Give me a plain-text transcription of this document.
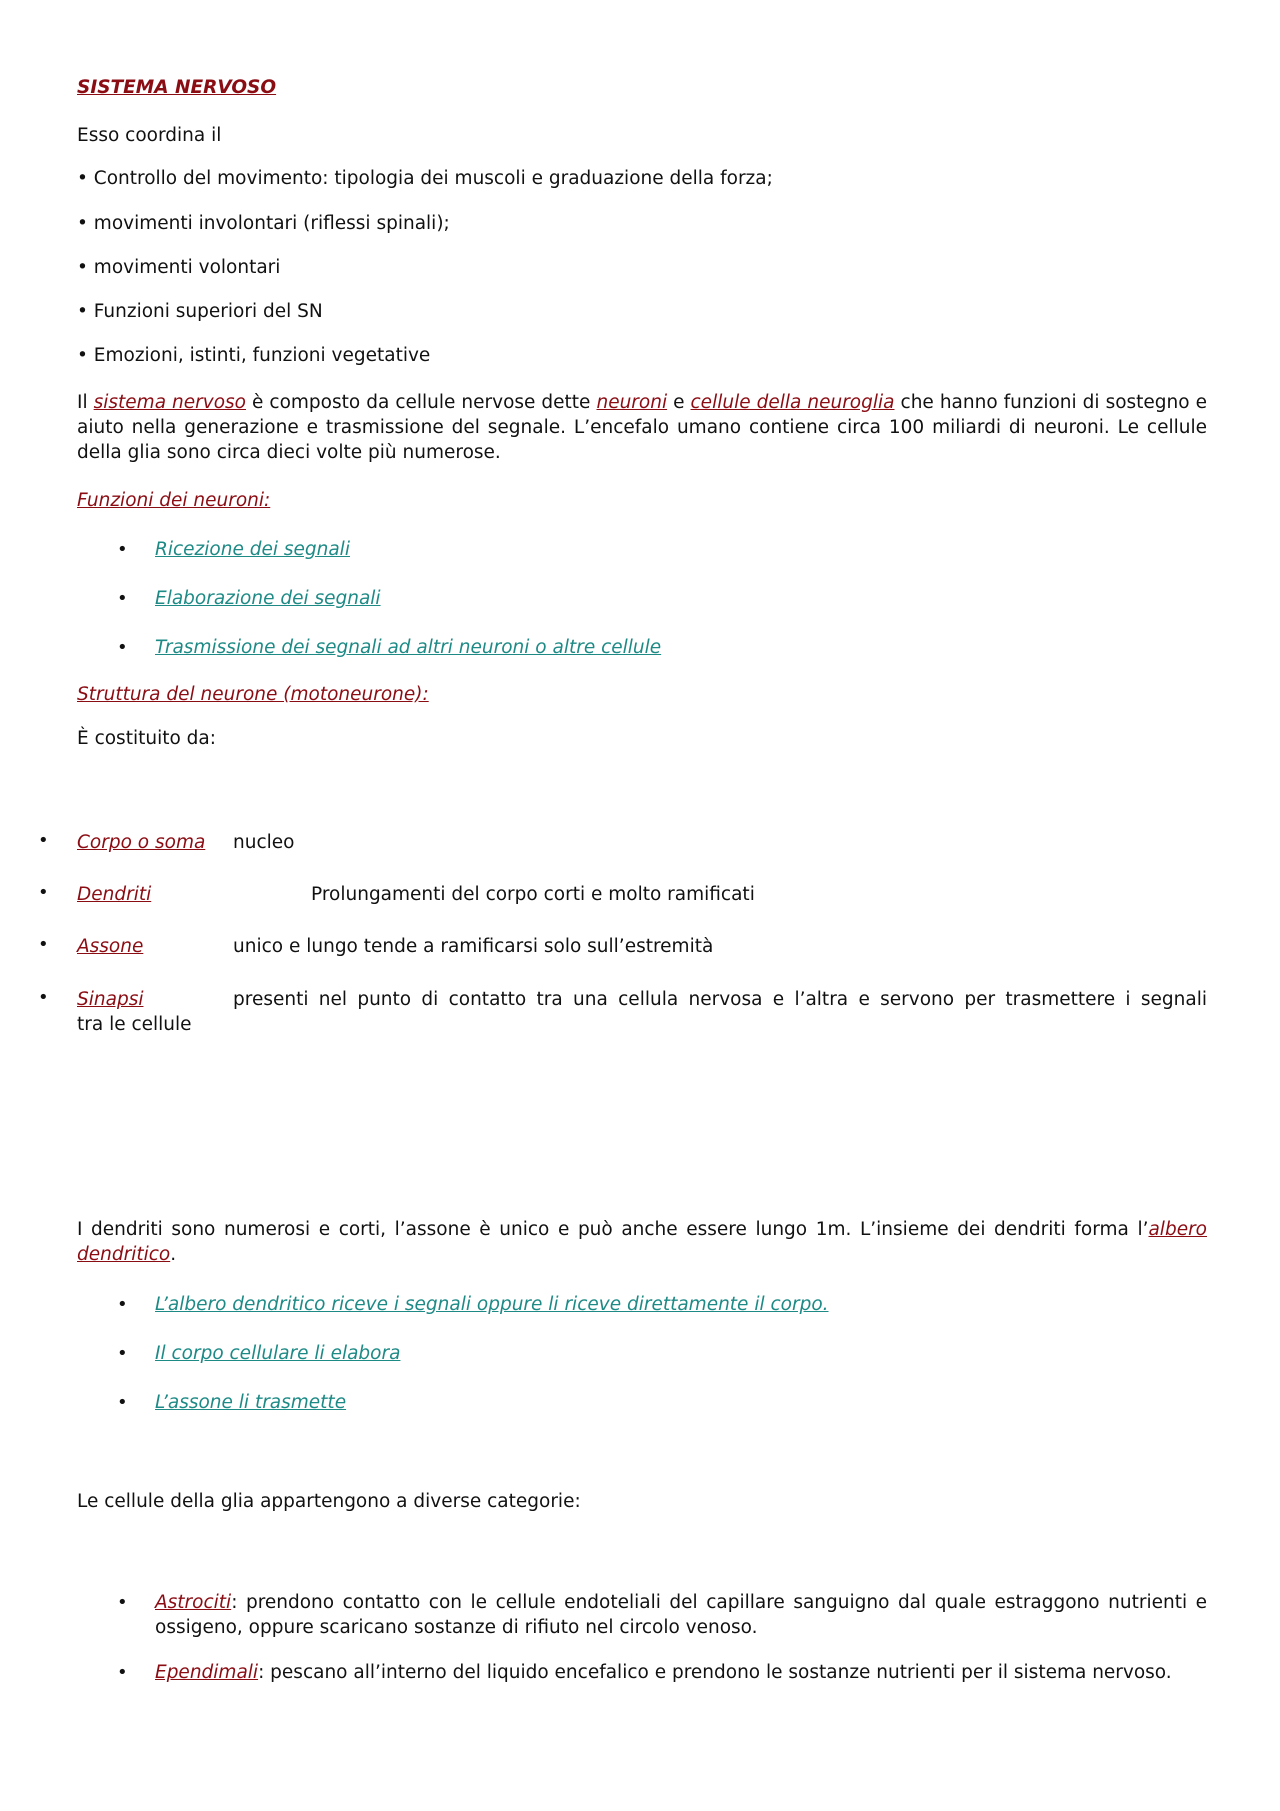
SISTEMA NERVOSO
Esso coordina il
• Controllo del movimento: tipologia dei muscoli e graduazione della forza;
• movimenti involontari (riflessi spinali);
• movimenti volontari
• Funzioni superiori del SN
• Emozioni, istinti, funzioni vegetative
Il sistema nervoso è composto da cellule nervose dette neuroni e cellule della neuroglia che hanno funzioni di sostegno e aiuto nella generazione e trasmissione del segnale. L’encefalo umano contiene circa 100 miliardi di neuroni. Le cellule della glia sono circa dieci volte più numerose.
Funzioni dei neuroni:
• Ricezione dei segnali
• Elaborazione dei segnali
• Trasmissione dei segnali ad altri neuroni o altre cellule
Struttura del neurone (motoneurone):
È costituito da:
• Corpo o soma nucleo
• Dendriti	Prolungamenti del corpo corti e molto ramificati
• Assone	unico e lungo tende a ramificarsi solo sull’estremità
• Sinapsi	presenti nel punto di contatto tra una cellula nervosa e l’altra e servono per trasmettere i segnali
tra le cellule
I dendriti sono numerosi e corti, l’assone è unico e può anche essere lungo 1m. L’insieme dei dendriti forma l’albero dendritico.
• L’albero dendritico riceve i segnali oppure li riceve direttamente il corpo.
• Il corpo cellulare li elabora
• L’assone li trasmette
Le cellule della glia appartengono a diverse categorie:
• Astrociti: prendono contatto con le cellule endoteliali del capillare sanguigno dal quale estraggono nutrienti e ossigeno, oppure scaricano sostanze di rifiuto nel circolo venoso.
• Ependimali: pescano all’interno del liquido encefalico e prendono le sostanze nutrienti per il sistema nervoso.
